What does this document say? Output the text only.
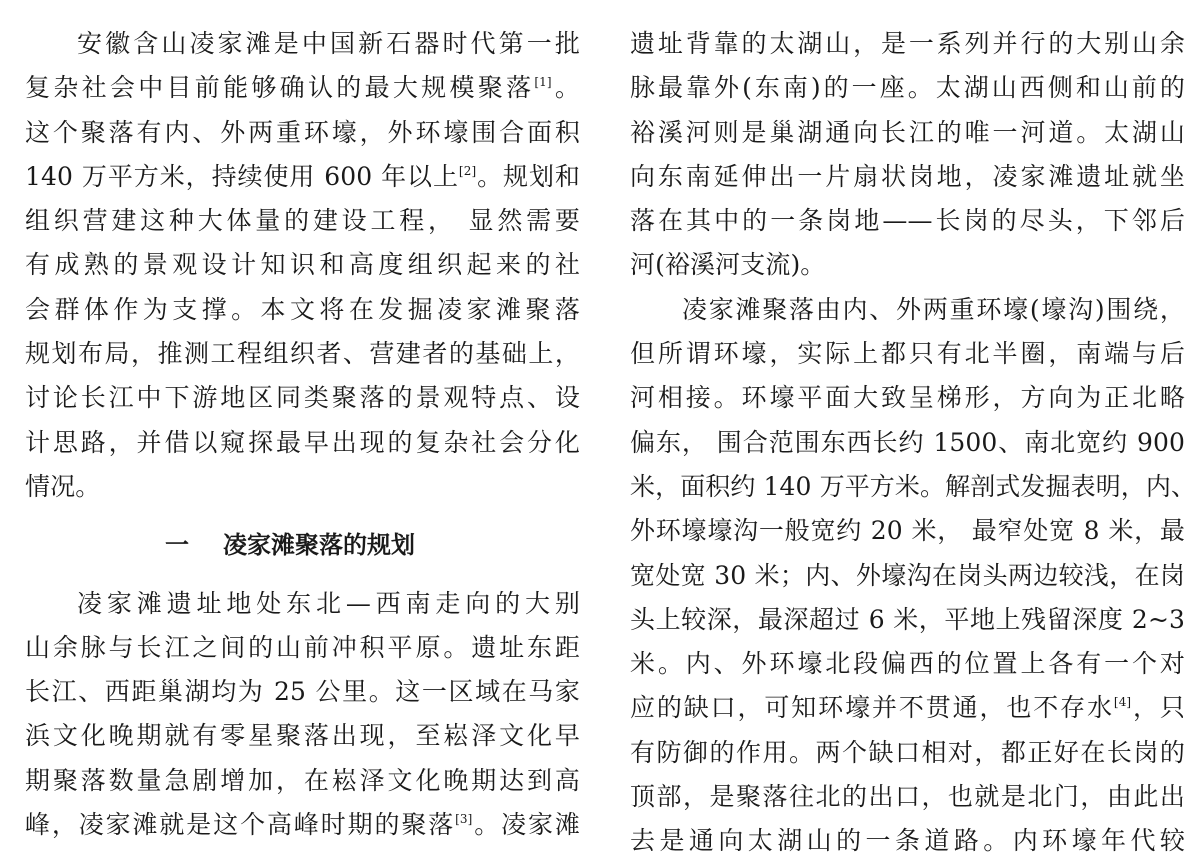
安徽含山凌家滩是中国新石器时代第一批
复杂社会中目前能够确认的最大规模聚落[1]。
这个聚落有内、外两重环壕，外环壕围合面积
140 万平方米，持续使用 600 年以上[2]。规划和
组织营建这种大体量的建设工程， 显然需要
有成熟的景观设计知识和高度组织起来的社
会群体作为支撑。本文将在发掘凌家滩聚落
规划布局，推测工程组织者、营建者的基础上，
讨论长江中下游地区同类聚落的景观特点、设
计思路，并借以窥探最早出现的复杂社会分化
情况。
一 凌家滩聚落的规划
凌家滩遗址地处东北—西南走向的大别
山余脉与长江之间的山前冲积平原。遗址东距
长江、西距巢湖均为 25 公里。这一区域在马家
浜文化晚期就有零星聚落出现，至崧泽文化早
期聚落数量急剧增加，在崧泽文化晚期达到高
峰，凌家滩就是这个高峰时期的聚落[3]。凌家滩
遗址背靠的太湖山，是一系列并行的大别山余
脉最靠外(东南)的一座。太湖山西侧和山前的
裕溪河则是巢湖通向长江的唯一河道。太湖山
向东南延伸出一片扇状岗地，凌家滩遗址就坐
落在其中的一条岗地——长岗的尽头，下邻后
河(裕溪河支流)。
凌家滩聚落由内、外两重环壕(壕沟)围绕，
但所谓环壕，实际上都只有北半圈，南端与后
河相接。环壕平面大致呈梯形，方向为正北略
偏东， 围合范围东西长约 1500、南北宽约 900
米，面积约 140 万平方米。解剖式发掘表明，内、
外环壕壕沟一般宽约 20 米， 最窄处宽 8 米，最
宽处宽 30 米；内、外壕沟在岗头两边较浅，在岗
头上较深，最深超过 6 米，平地上残留深度 2~3
米。内、外环壕北段偏西的位置上各有一个对
应的缺口，可知环壕并不贯通，也不存水[4]，只
有防御的作用。两个缺口相对，都正好在长岗的
顶部，是聚落往北的出口，也就是北门，由此出
去是通向太湖山的一条道路。内环壕年代较
